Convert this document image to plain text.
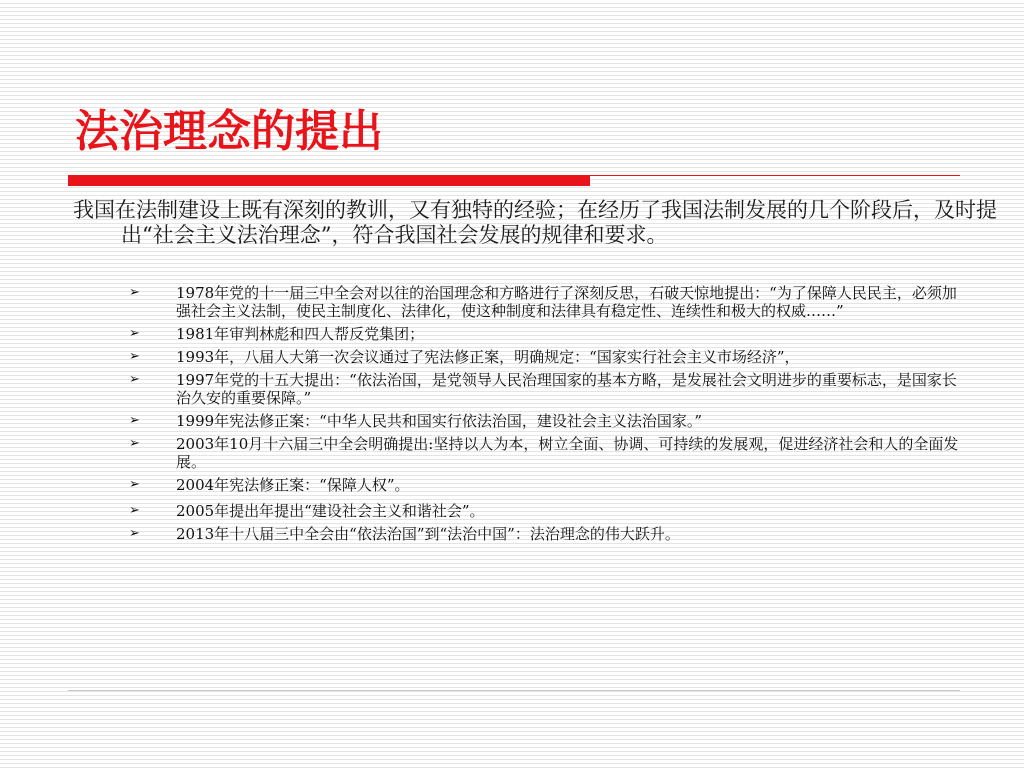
法治理念的提出

我国在法制建设上既有深刻的教训，又有独特的经验；在经历了我国法制发展的几个阶段后，及时提出“社会主义法治理念”，符合我国社会发展的规律和要求。

➢ 1978年党的十一届三中全会对以往的治国理念和方略进行了深刻反思，石破天惊地提出：“为了保障人民民主，必须加强社会主义法制，使民主制度化、法律化，使这种制度和法律具有稳定性、连续性和极大的权威……”
➢ 1981年审判林彪和四人帮反党集团；
➢ 1993年，八届人大第一次会议通过了宪法修正案，明确规定：“国家实行社会主义市场经济”，
➢ 1997年党的十五大提出：“依法治国，是党领导人民治理国家的基本方略，是发展社会文明进步的重要标志，是国家长治久安的重要保障。”
➢ 1999年宪法修正案：“中华人民共和国实行依法治国，建设社会主义法治国家。”
➢ 2003年10月十六届三中全会明确提出:坚持以人为本，树立全面、协调、可持续的发展观，促进经济社会和人的全面发展。
➢ 2004年宪法修正案：“保障人权”。
➢ 2005年提出年提出“建设社会主义和谐社会”。
➢ 2013年十八届三中全会由“依法治国”到“法治中国”：法治理念的伟大跃升。
